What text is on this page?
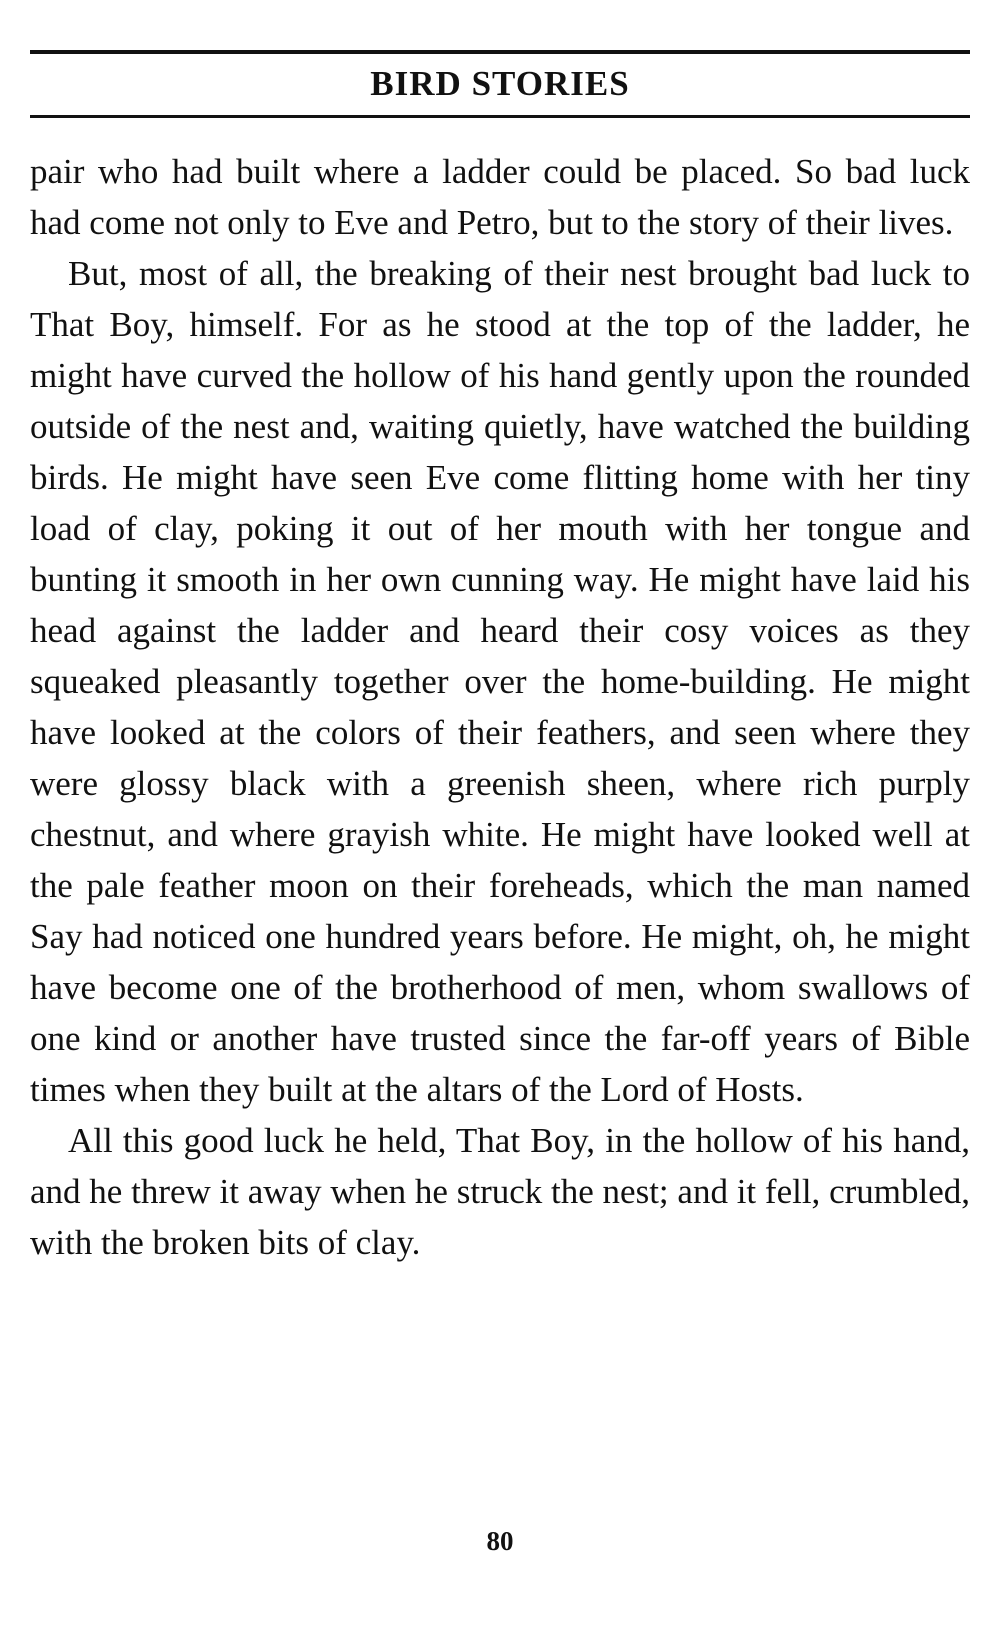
BIRD STORIES

pair who had built where a ladder could be placed. So bad luck had come not only to Eve and Petro, but to the story of their lives.

But, most of all, the breaking of their nest brought bad luck to That Boy, himself. For as he stood at the top of the ladder, he might have curved the hollow of his hand gently upon the rounded outside of the nest and, waiting quietly, have watched the building birds. He might have seen Eve come flitting home with her tiny load of clay, poking it out of her mouth with her tongue and bunting it smooth in her own cunning way. He might have laid his head against the ladder and heard their cosy voices as they squeaked pleasantly together over the home-building. He might have looked at the colors of their feathers, and seen where they were glossy black with a greenish sheen, where rich purply chestnut, and where grayish white. He might have looked well at the pale feather moon on their foreheads, which the man named Say had noticed one hundred years before. He might, oh, he might have become one of the brotherhood of men, whom swallows of one kind or another have trusted since the far-off years of Bible times when they built at the altars of the Lord of Hosts.

All this good luck he held, That Boy, in the hollow of his hand, and he threw it away when he struck the nest; and it fell, crumbled, with the broken bits of clay.

80
